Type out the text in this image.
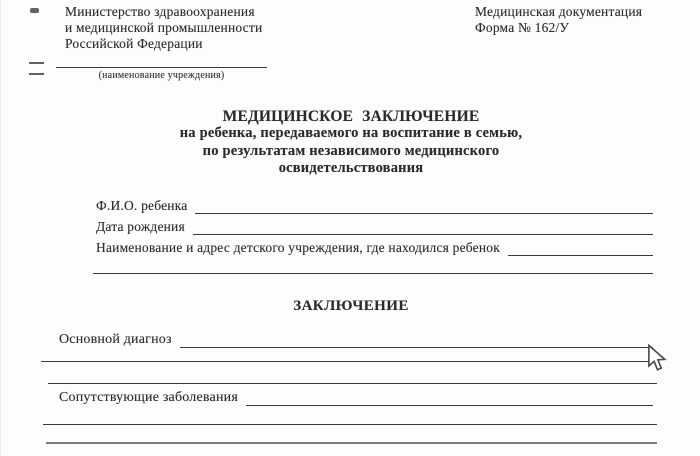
Министерство здравоохранения
и медицинской промышленности
Российской Федерации
(наименование учреждения)
Медицинская документация
Форма № 162/У
МЕДИЦИНСКОЕ ЗАКЛЮЧЕНИЕ
на ребенка, передаваемого на воспитание в семью,
по результатам независимого медицинского
освидетельствования
Ф.И.О. ребенка
Дата рождения
Наименование и адрес детского учреждения, где находился ребенок
ЗАКЛЮЧЕНИЕ
Основной диагноз
Сопутствующие заболевания
